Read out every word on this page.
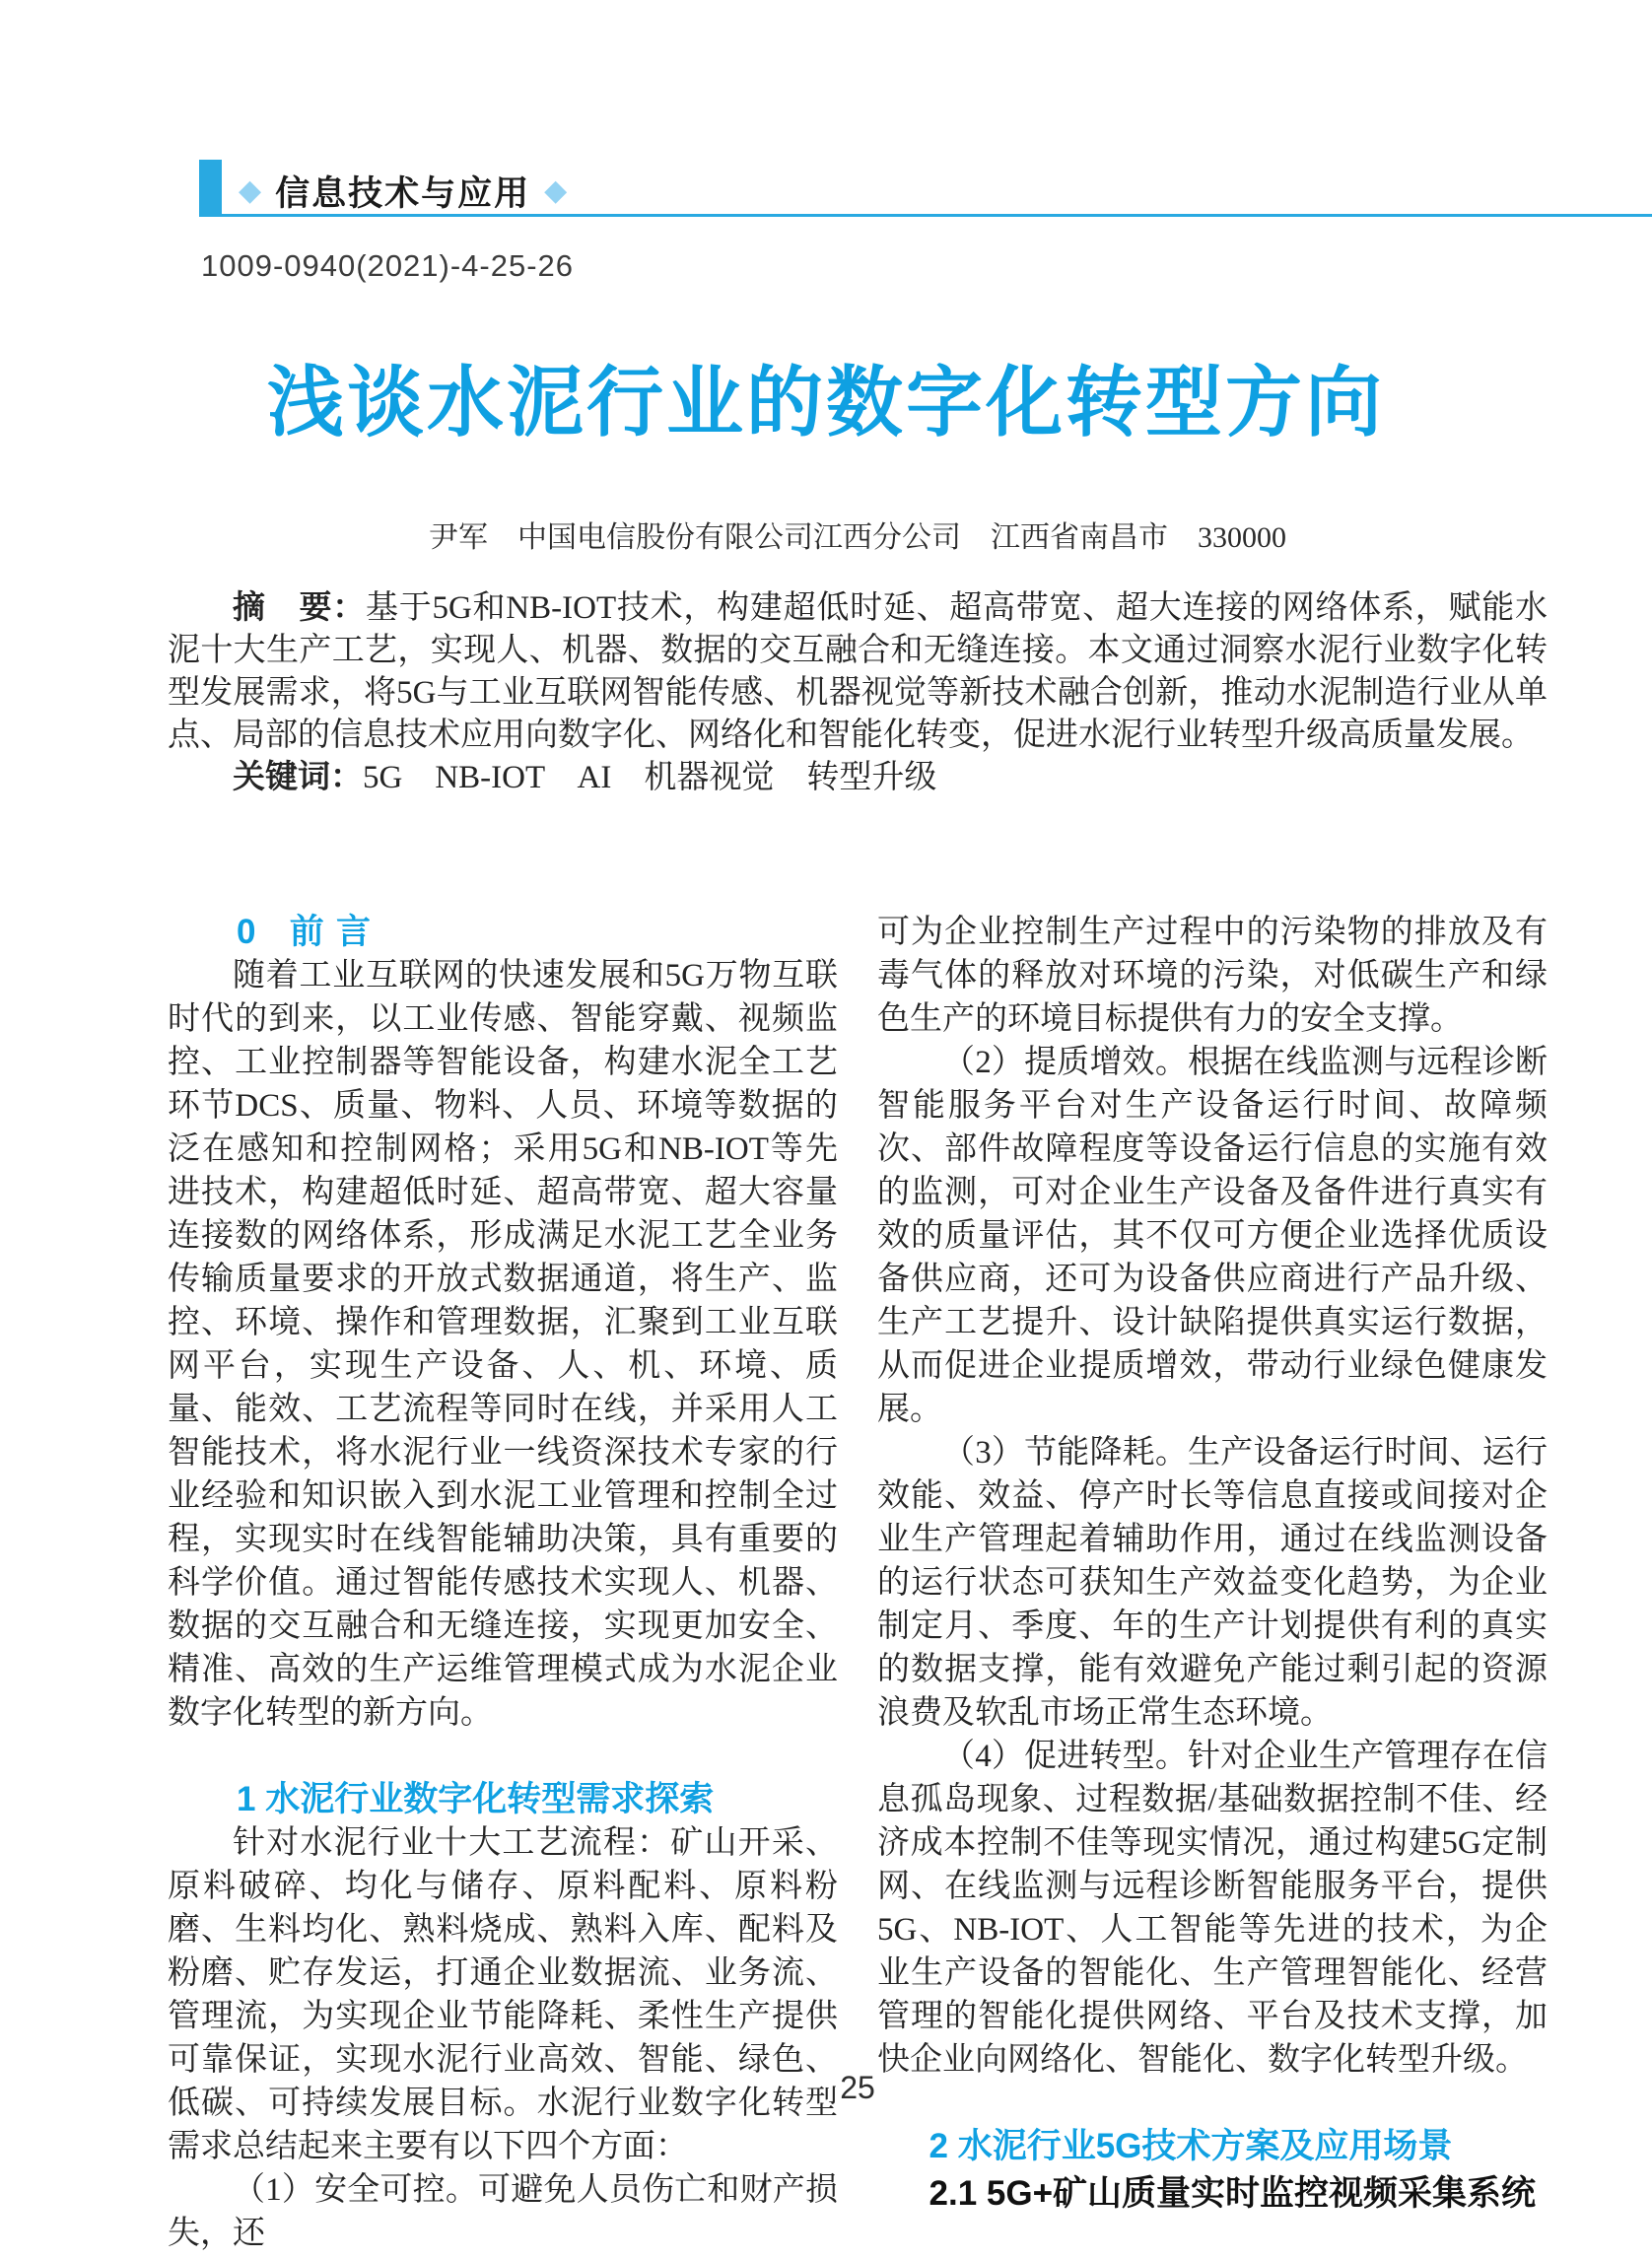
◆ 信息技术与应用 ◆
1009-0940(2021)-4-25-26
浅谈水泥行业的数字化转型方向
尹军　中国电信股份有限公司江西分公司　江西省南昌市　330000

摘　要：基于5G和NB-IOT技术，构建超低时延、超高带宽、超大连接的网络体系，赋能水泥十大生产工艺，实现人、机器、数据的交互融合和无缝连接。本文通过洞察水泥行业数字化转型发展需求，将5G与工业互联网智能传感、机器视觉等新技术融合创新，推动水泥制造行业从单点、局部的信息技术应用向数字化、网络化和智能化转变，促进水泥行业转型升级高质量发展。

关键词：5G　NB-IOT　AI　机器视觉　转型升级

0 前言

随着工业互联网的快速发展和5G万物互联时代的到来，以工业传感、智能穿戴、视频监控、工业控制器等智能设备，构建水泥全工艺环节DCS、质量、物料、人员、环境等数据的泛在感知和控制网格；采用5G和NB-IOT等先进技术，构建超低时延、超高带宽、超大容量连接数的网络体系，形成满足水泥工艺全业务传输质量要求的开放式数据通道，将生产、监控、环境、操作和管理数据，汇聚到工业互联网平台，实现生产设备、人、机、环境、质量、能效、工艺流程等同时在线，并采用人工智能技术，将水泥行业一线资深技术专家的行业经验和知识嵌入到水泥工业管理和控制全过程，实现实时在线智能辅助决策，具有重要的科学价值。通过智能传感技术实现人、机器、数据的交互融合和无缝连接，实现更加安全、精准、高效的生产运维管理模式成为水泥企业数字化转型的新方向。

1 水泥行业数字化转型需求探索

针对水泥行业十大工艺流程：矿山开采、原料破碎、均化与储存、原料配料、原料粉磨、生料均化、熟料烧成、熟料入库、配料及粉磨、贮存发运，打通企业数据流、业务流、管理流，为实现企业节能降耗、柔性生产提供可靠保证，实现水泥行业高效、智能、绿色、低碳、可持续发展目标。水泥行业数字化转型需求总结起来主要有以下四个方面：

（1）安全可控。可避免人员伤亡和财产损失，还

可为企业控制生产过程中的污染物的排放及有毒气体的释放对环境的污染，对低碳生产和绿色生产的环境目标提供有力的安全支撑。

（2）提质增效。根据在线监测与远程诊断智能服务平台对生产设备运行时间、故障频次、部件故障程度等设备运行信息的实施有效的监测，可对企业生产设备及备件进行真实有效的质量评估，其不仅可方便企业选择优质设备供应商，还可为设备供应商进行产品升级、生产工艺提升、设计缺陷提供真实运行数据，从而促进企业提质增效，带动行业绿色健康发展。

（3）节能降耗。生产设备运行时间、运行效能、效益、停产时长等信息直接或间接对企业生产管理起着辅助作用，通过在线监测设备的运行状态可获知生产效益变化趋势，为企业制定月、季度、年的生产计划提供有利的真实的数据支撑，能有效避免产能过剩引起的资源浪费及软乱市场正常生态环境。

（4）促进转型。针对企业生产管理存在信息孤岛现象、过程数据/基础数据控制不佳、经济成本控制不佳等现实情况，通过构建5G定制网、在线监测与远程诊断智能服务平台，提供5G、NB-IOT、人工智能等先进的技术，为企业生产设备的智能化、生产管理智能化、经营管理的智能化提供网络、平台及技术支撑，加快企业向网络化、智能化、数字化转型升级。

2 水泥行业5G技术方案及应用场景
2.1 5G+矿山质量实时监控视频采集系统
25
